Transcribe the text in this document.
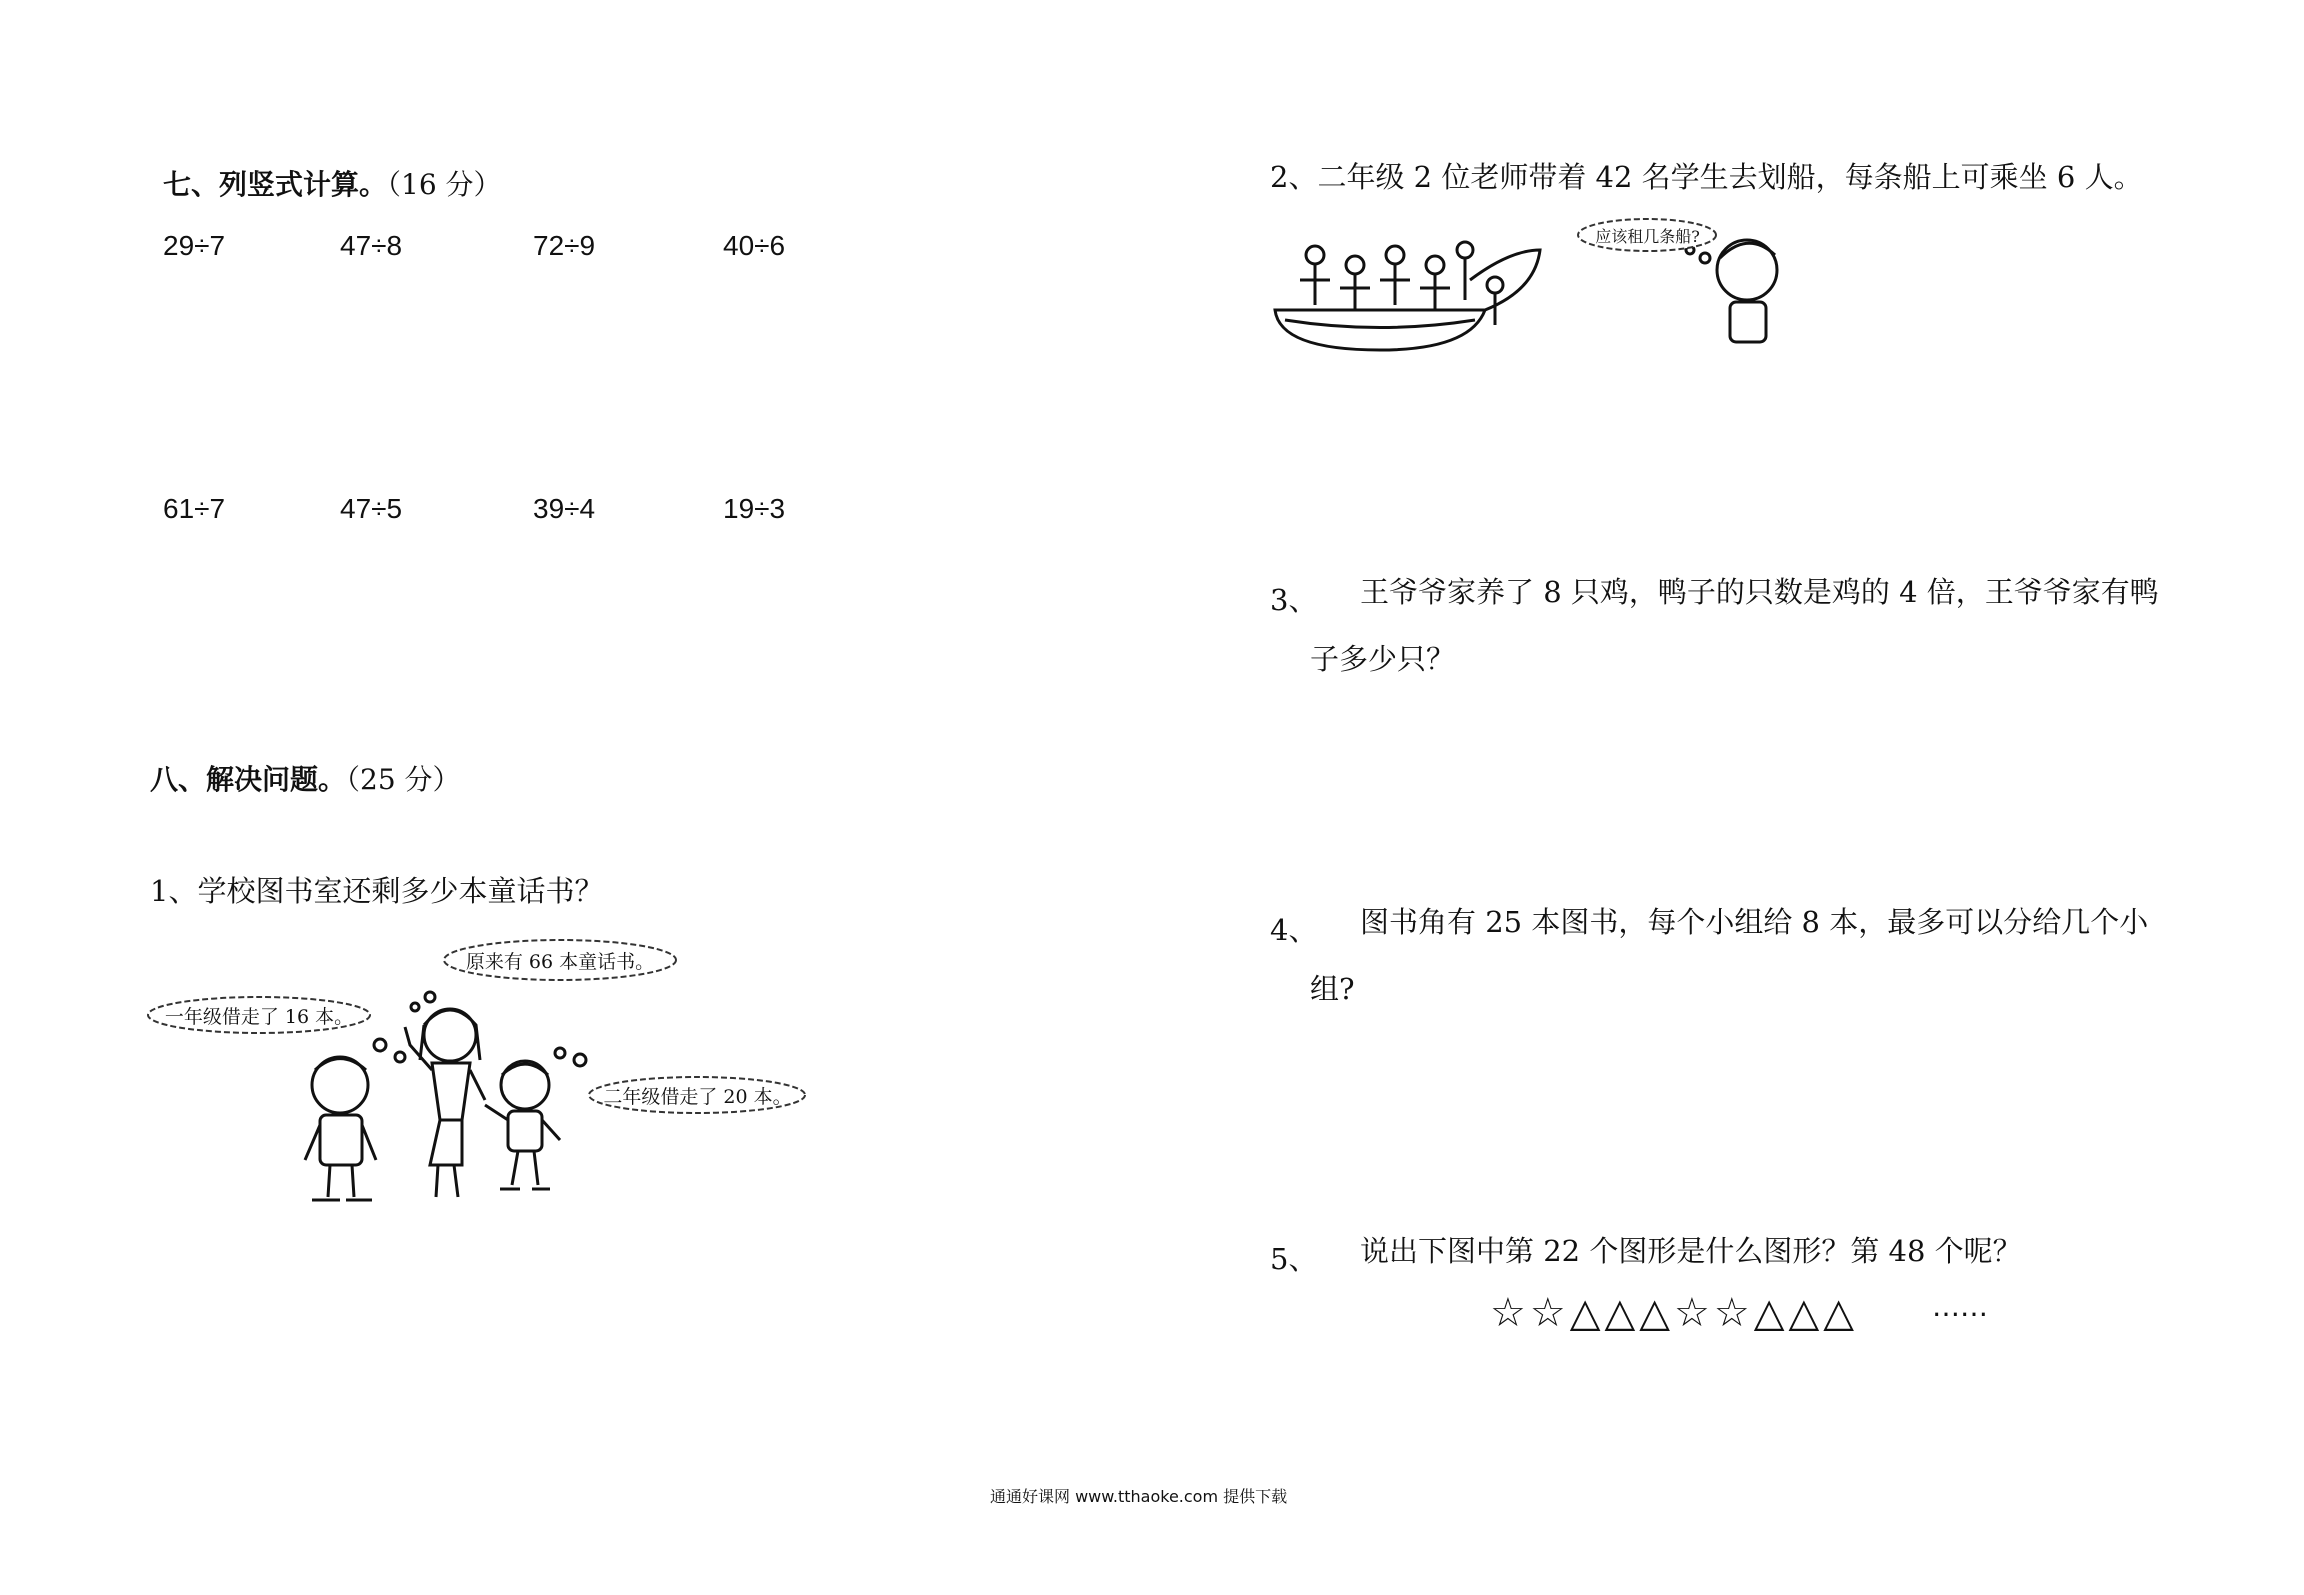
七、列竖式计算。（16 分）
29÷7	47÷8	72÷9	40÷6
61÷7	47÷5	39÷4	19÷3
八、解决问题。（25 分）
1、学校图书室还剩多少本童话书？
原来有 66 本童话书。
一年级借走了 16 本。
二年级借走了 20 本。
2、二年级 2 位老师带着 42 名学生去划船，每条船上可乘坐 6 人。
应该租几条船?
3、 王爷爷家养了 8 只鸡，鸭子的只数是鸡的 4 倍，王爷爷家有鸭
子多少只？
4、 图书角有 25 本图书，每个小组给 8 本，最多可以分给几个小
组?
5、 说出下图中第 22 个图形是什么图形？第 48 个呢？
☆☆△△△☆☆△△△	……
通通好课网 www.tthaoke.com 提供下载
